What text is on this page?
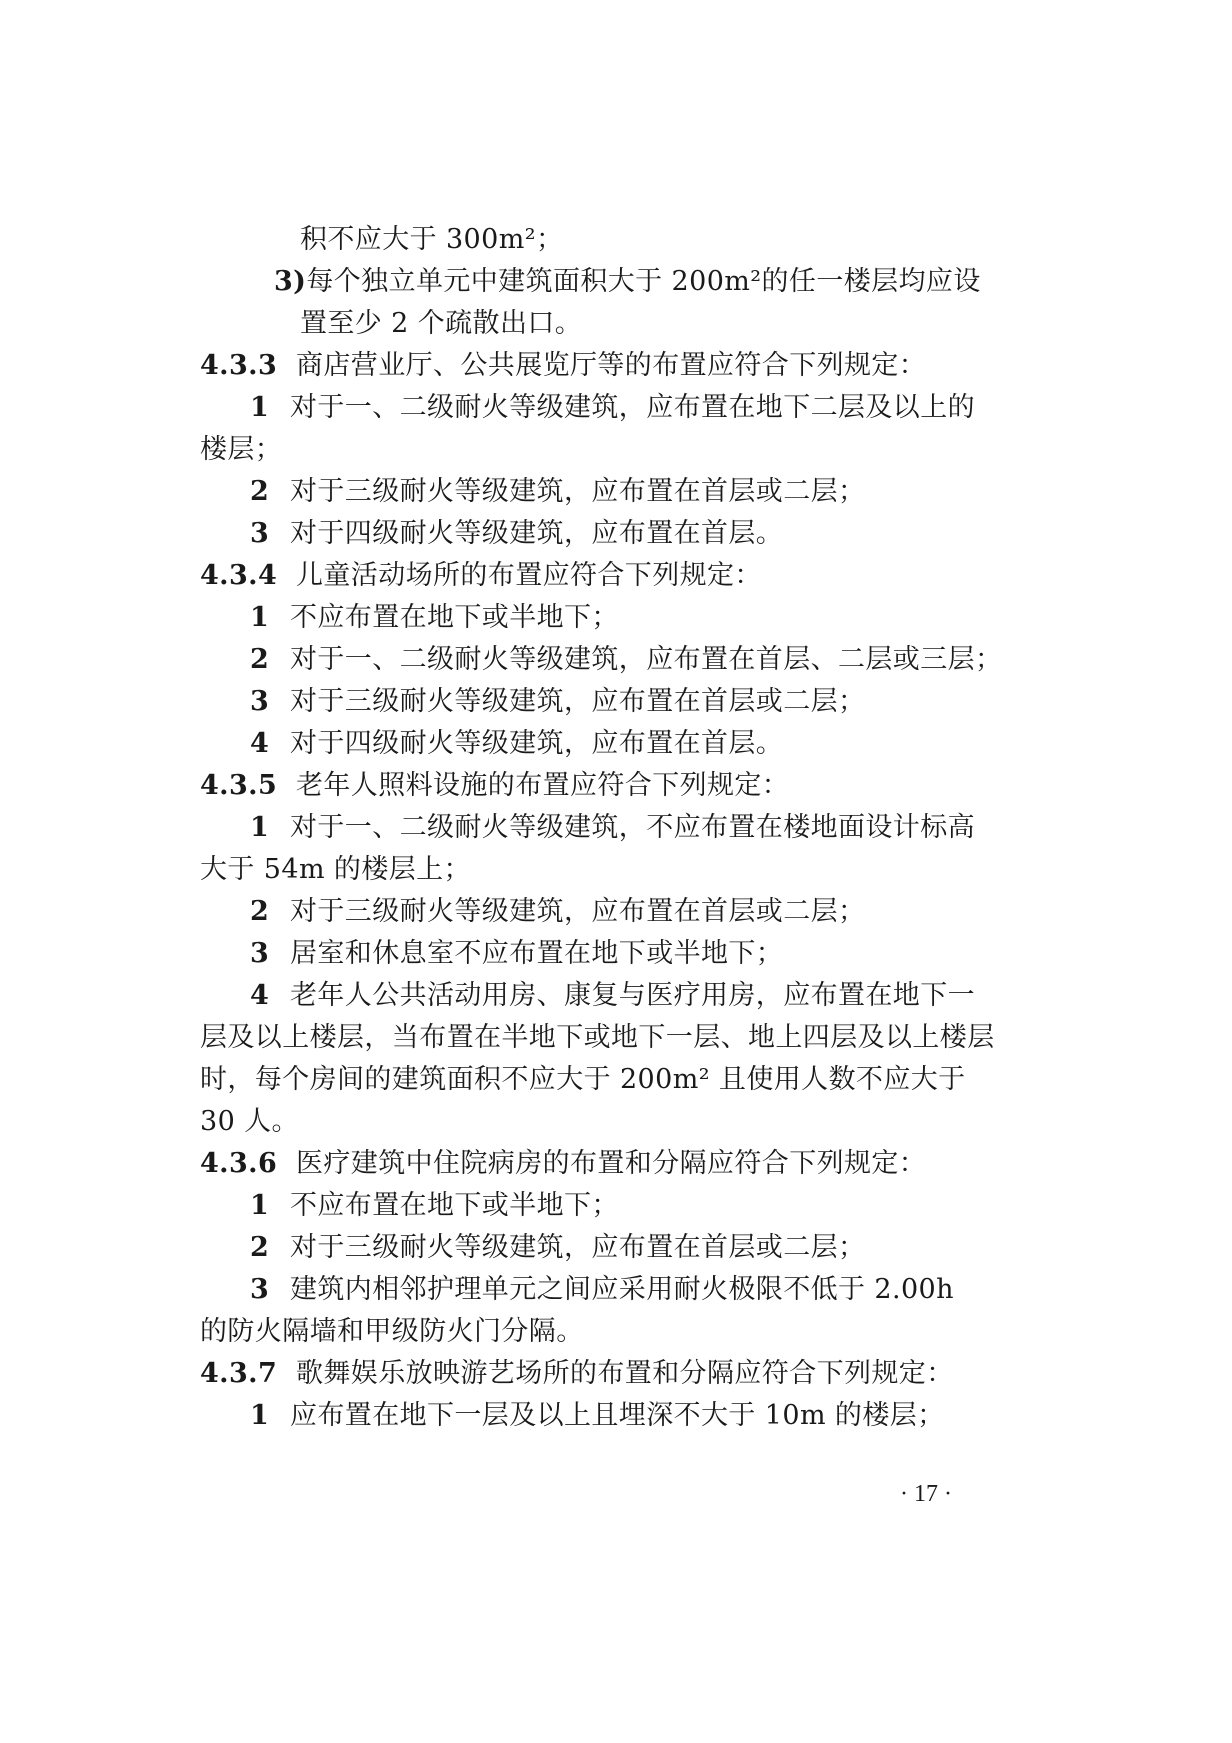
积不应大于 300m²；
3)每个独立单元中建筑面积大于 200m²的任一楼层均应设
置至少 2 个疏散出口。
4.3.3 商店营业厅、公共展览厅等的布置应符合下列规定：
1 对于一、二级耐火等级建筑，应布置在地下二层及以上的
楼层；
2 对于三级耐火等级建筑，应布置在首层或二层；
3 对于四级耐火等级建筑，应布置在首层。
4.3.4 儿童活动场所的布置应符合下列规定：
1 不应布置在地下或半地下；
2 对于一、二级耐火等级建筑，应布置在首层、二层或三层；
3 对于三级耐火等级建筑，应布置在首层或二层；
4 对于四级耐火等级建筑，应布置在首层。
4.3.5 老年人照料设施的布置应符合下列规定：
1 对于一、二级耐火等级建筑，不应布置在楼地面设计标高
大于 54m 的楼层上；
2 对于三级耐火等级建筑，应布置在首层或二层；
3 居室和休息室不应布置在地下或半地下；
4 老年人公共活动用房、康复与医疗用房，应布置在地下一
层及以上楼层，当布置在半地下或地下一层、地上四层及以上楼层
时，每个房间的建筑面积不应大于 200m² 且使用人数不应大于
30 人。
4.3.6 医疗建筑中住院病房的布置和分隔应符合下列规定：
1 不应布置在地下或半地下；
2 对于三级耐火等级建筑，应布置在首层或二层；
3 建筑内相邻护理单元之间应采用耐火极限不低于 2.00h
的防火隔墙和甲级防火门分隔。
4.3.7 歌舞娱乐放映游艺场所的布置和分隔应符合下列规定：
1 应布置在地下一层及以上且埋深不大于 10m 的楼层；
· 17 ·
